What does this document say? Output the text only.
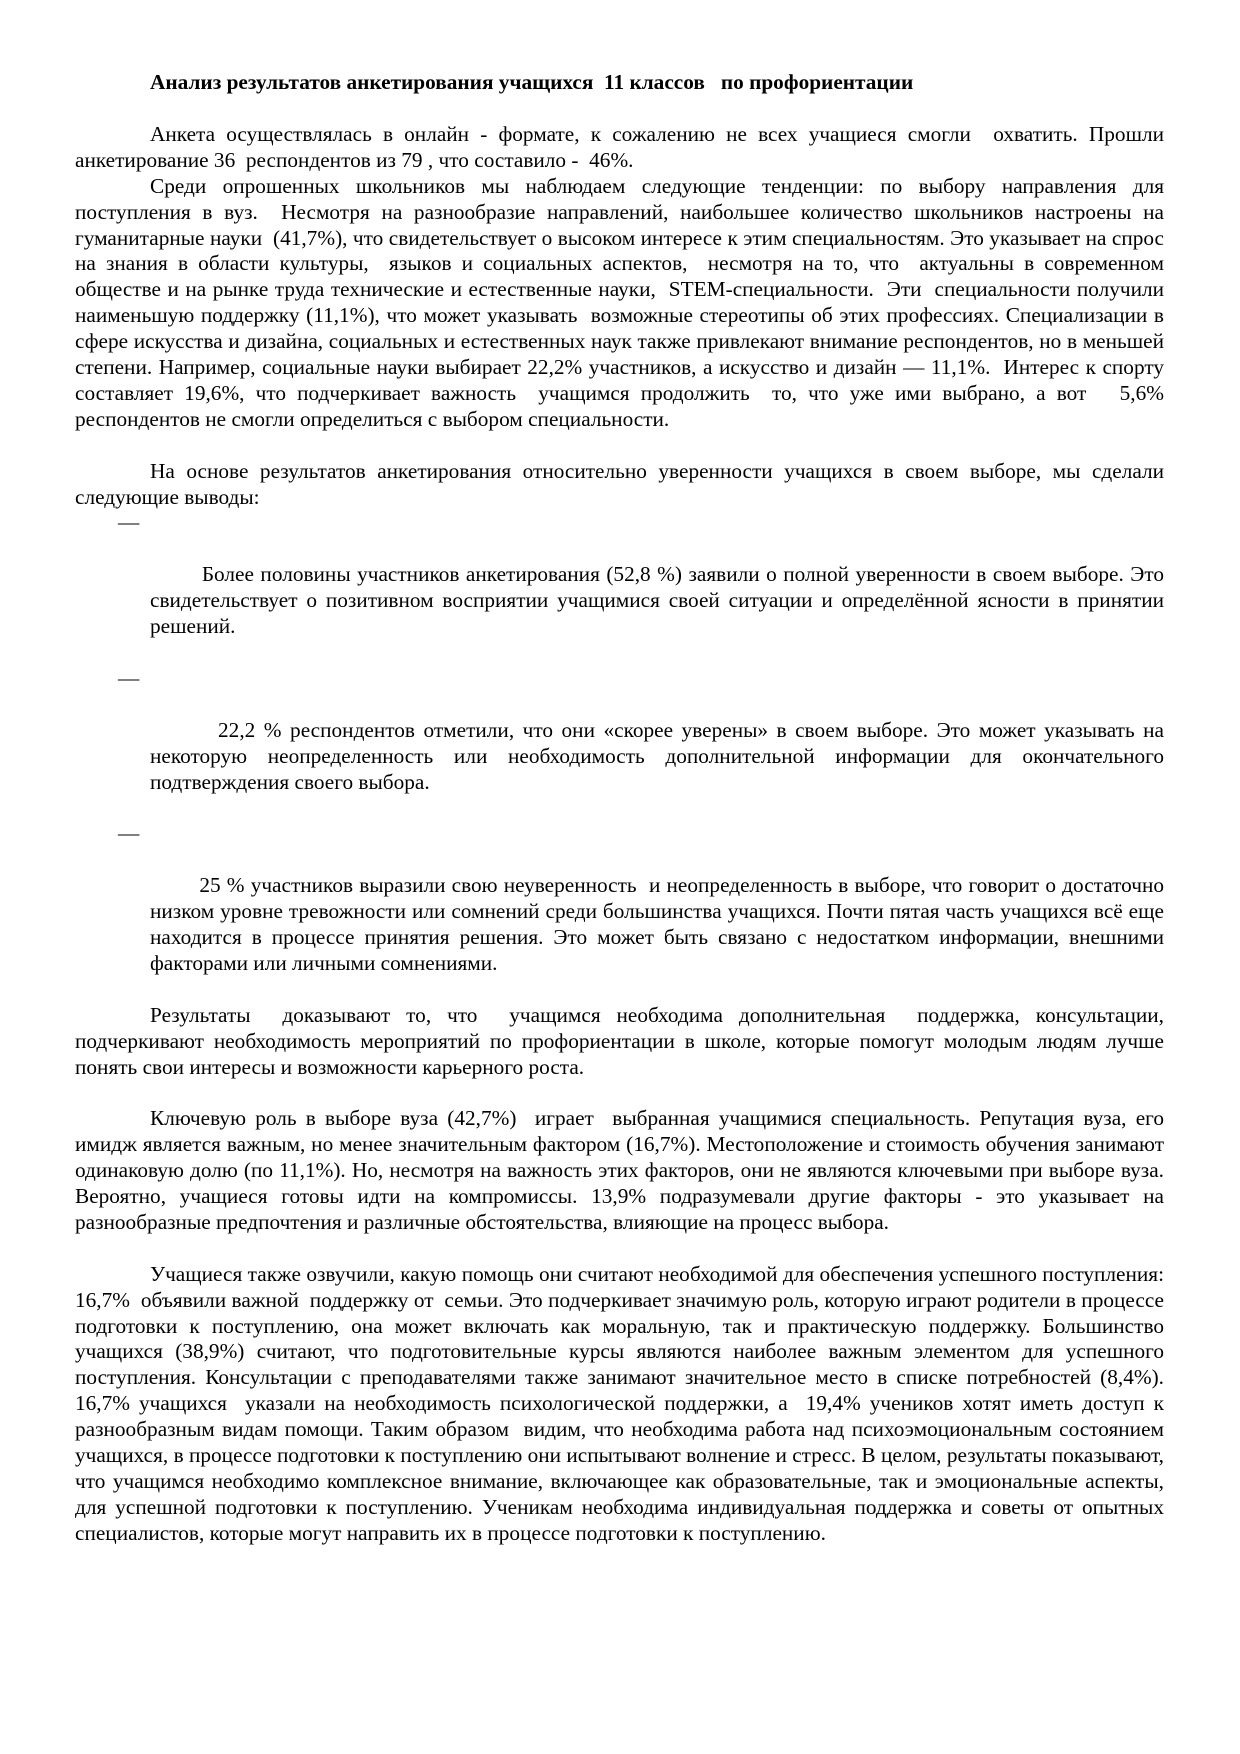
Анализ результатов анкетирования учащихся  11 классов   по профориентации

Анкета осуществлялась в онлайн - формате, к сожалению не всех учащиеся смогли  охватить. Прошли анкетирование 36  респондентов из 79 , что составило -  46%.

Среди опрошенных школьников мы наблюдаем следующие тенденции: по выбору направления для поступления в вуз.  Несмотря на разнообразие направлений, наибольшее количество школьников настроены на гуманитарные науки  (41,7%), что свидетельствует о высоком интересе к этим специальностям. Это указывает на спрос на знания в области культуры,  языков и социальных аспектов,  несмотря на то, что  актуальны в современном обществе и на рынке труда технические и естественные науки,  STEM-специальности.  Эти  специальности получили наименьшую поддержку (11,1%), что может указывать  возможные стереотипы об этих профессиях. Специализации в сфере искусства и дизайна, социальных и естественных наук также привлекают внимание респондентов, но в меньшей степени. Например, социальные науки выбирает 22,2% участников, а искусство и дизайн — 11,1%.  Интерес к спорту составляет 19,6%, что подчеркивает важность  учащимся продолжить  то, что уже ими выбрано, а вот   5,6% респондентов не смогли определиться с выбором специальности.

На основе результатов анкетирования относительно уверенности учащихся в своем выборе, мы сделали следующие выводы:

—

Более половины участников анкетирования (52,8 %) заявили о полной уверенности в своем выборе. Это свидетельствует о позитивном восприятии учащимися своей ситуации и определённой ясности в принятии решений.

—

22,2 % респондентов отметили, что они «скорее уверены» в своем выборе. Это может указывать на некоторую неопределенность или необходимость дополнительной информации для окончательного подтверждения своего выбора.

—

25 % участников выразили свою неуверенность  и неопределенность в выборе, что говорит о достаточно низком уровне тревожности или сомнений среди большинства учащихся. Почти пятая часть учащихся всё еще находится в процессе принятия решения. Это может быть связано с недостатком информации, внешними факторами или личными сомнениями.

Результаты  доказывают то, что  учащимся необходима дополнительная  поддержка, консультации, подчеркивают необходимость мероприятий по профориентации в школе, которые помогут молодым людям лучше понять свои интересы и возможности карьерного роста.

Ключевую роль в выборе вуза (42,7%)  играет  выбранная учащимися специальность. Репутация вуза, его  имидж является важным, но менее значительным фактором (16,7%). Местоположение и стоимость обучения занимают одинаковую долю (по 11,1%). Но, несмотря на важность этих факторов, они не являются ключевыми при выборе вуза. Вероятно, учащиеся готовы идти на компромиссы. 13,9% подразумевали другие факторы - это указывает на разнообразные предпочтения и различные обстоятельства, влияющие на процесс выбора.

Учащиеся также озвучили, какую помощь они считают необходимой для обеспечения успешного поступления: 16,7%  объявили важной  поддержку от  семьи. Это подчеркивает значимую роль, которую играют родители в процессе подготовки к поступлению, она может включать как моральную, так и практическую поддержку. Большинство учащихся (38,9%) считают, что подготовительные курсы являются наиболее важным элементом для успешного поступления. Консультации с преподавателями также занимают значительное место в списке потребностей (8,4%). 16,7% учащихся  указали на необходимость психологической поддержки, а  19,4% учеников хотят иметь доступ к разнообразным видам помощи. Таким образом  видим, что необходима работа над психоэмоциональным состоянием учащихся, в процессе подготовки к поступлению они испытывают волнение и стресс. В целом, результаты показывают, что учащимся необходимо комплексное внимание, включающее как образовательные, так и эмоциональные аспекты, для успешной подготовки к поступлению. Ученикам необходима индивидуальная поддержка и советы от опытных специалистов, которые могут направить их в процессе подготовки к поступлению.
